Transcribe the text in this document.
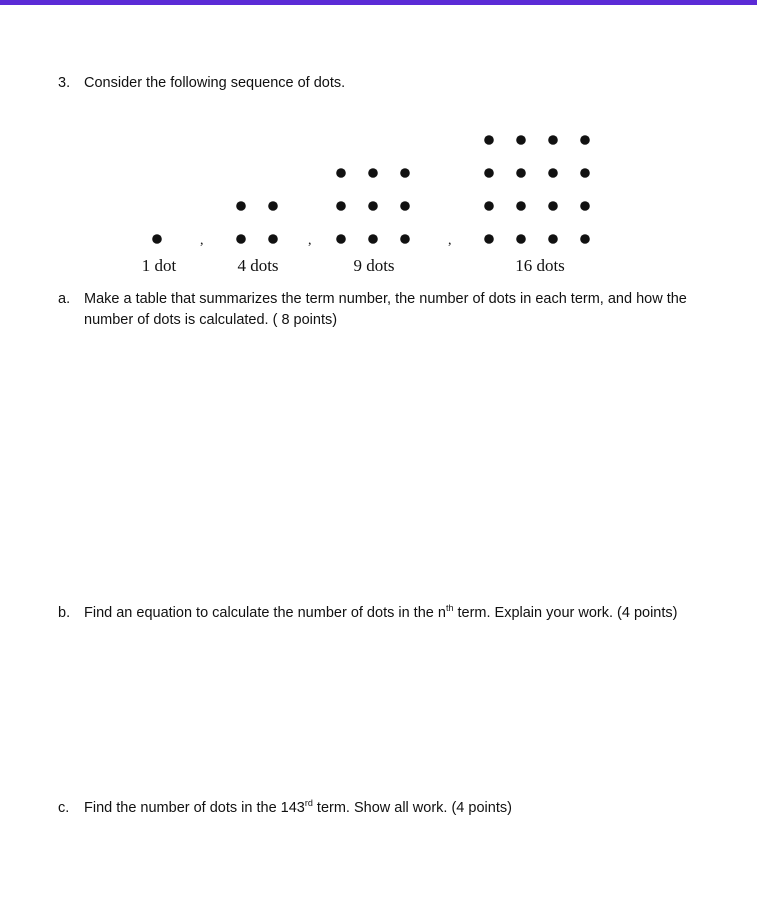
3. Consider the following sequence of dots.
,	,	,
1 dot	4 dots	9 dots	16 dots
a. Make a table that summarizes the term number, the number of dots in each term, and how the
number of dots is calculated. ( 8 points)
b. Find an equation to calculate the number of dots in the $n^{th}$ term. Explain your work. (4 points)
c. Find the number of dots in the 143rd term. Show all work. (4 points)
